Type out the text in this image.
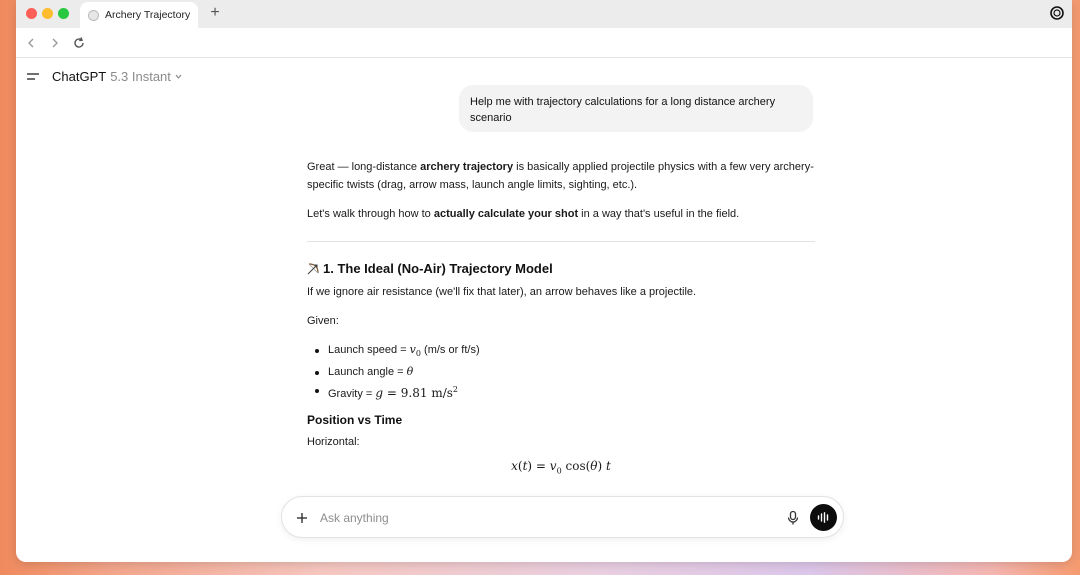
Archery Trajectory +
ChatGPT 5.3 Instant
Help me with trajectory calculations for a long distance archery scenario
Great — long-distance archery trajectory is basically applied projectile physics with a few very archery-specific twists (drag, arrow mass, launch angle limits, sighting, etc.).
Let's walk through how to actually calculate your shot in a way that's useful in the field.
1. The Ideal (No-Air) Trajectory Model
If we ignore air resistance (we'll fix that later), an arrow behaves like a projectile.
Given:
Launch speed = $v_0$ (m/s or ft/s)
Launch angle = θ
Gravity = g = 9.81 $m/s^2$
Position vs Time
Horizontal:
$x(t) = v_0$ cos(θ) t
Ask anything
